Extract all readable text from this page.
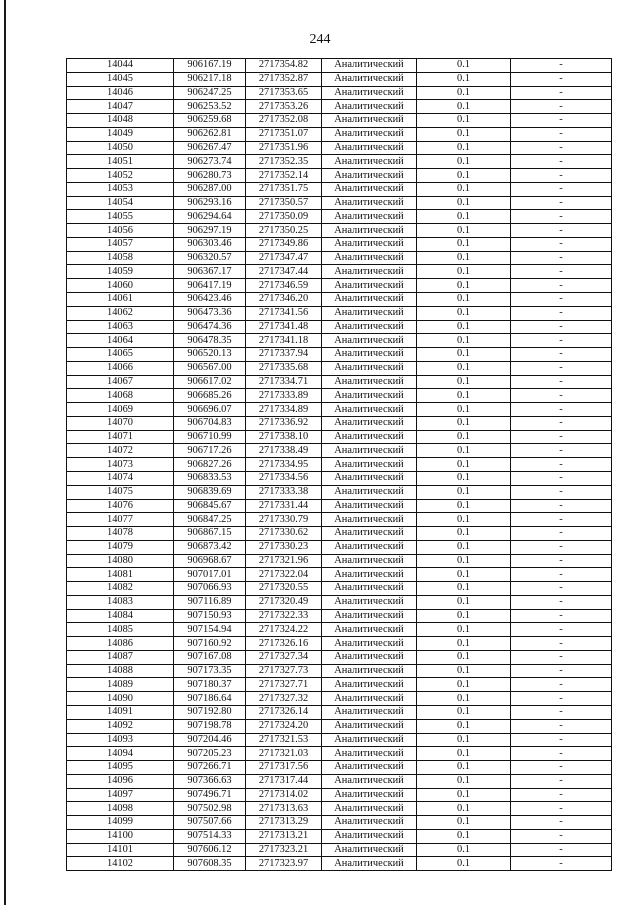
244
14044	906167.19	2717354.82	Аналитический	0.1	-
14045	906217.18	2717352.87	Аналитический	0.1	-
14046	906247.25	2717353.65	Аналитический	0.1	-
14047	906253.52	2717353.26	Аналитический	0.1	-
14048	906259.68	2717352.08	Аналитический	0.1	-
14049	906262.81	2717351.07	Аналитический	0.1	-
14050	906267.47	2717351.96	Аналитический	0.1	-
14051	906273.74	2717352.35	Аналитический	0.1	-
14052	906280.73	2717352.14	Аналитический	0.1	-
14053	906287.00	2717351.75	Аналитический	0.1	-
14054	906293.16	2717350.57	Аналитический	0.1	-
14055	906294.64	2717350.09	Аналитический	0.1	-
14056	906297.19	2717350.25	Аналитический	0.1	-
14057	906303.46	2717349.86	Аналитический	0.1	-
14058	906320.57	2717347.47	Аналитический	0.1	-
14059	906367.17	2717347.44	Аналитический	0.1	-
14060	906417.19	2717346.59	Аналитический	0.1	-
14061	906423.46	2717346.20	Аналитический	0.1	-
14062	906473.36	2717341.56	Аналитический	0.1	-
14063	906474.36	2717341.48	Аналитический	0.1	-
14064	906478.35	2717341.18	Аналитический	0.1	-
14065	906520.13	2717337.94	Аналитический	0.1	-
14066	906567.00	2717335.68	Аналитический	0.1	-
14067	906617.02	2717334.71	Аналитический	0.1	-
14068	906685.26	2717333.89	Аналитический	0.1	-
14069	906696.07	2717334.89	Аналитический	0.1	-
14070	906704.83	2717336.92	Аналитический	0.1	-
14071	906710.99	2717338.10	Аналитический	0.1	-
14072	906717.26	2717338.49	Аналитический	0.1	-
14073	906827.26	2717334.95	Аналитический	0.1	-
14074	906833.53	2717334.56	Аналитический	0.1	-
14075	906839.69	2717333.38	Аналитический	0.1	-
14076	906845.67	2717331.44	Аналитический	0.1	-
14077	906847.25	2717330.79	Аналитический	0.1	-
14078	906867.15	2717330.62	Аналитический	0.1	-
14079	906873.42	2717330.23	Аналитический	0.1	-
14080	906968.67	2717321.96	Аналитический	0.1	-
14081	907017.01	2717322.04	Аналитический	0.1	-
14082	907066.93	2717320.55	Аналитический	0.1	-
14083	907116.89	2717320.49	Аналитический	0.1	-
14084	907150.93	2717322.33	Аналитический	0.1	-
14085	907154.94	2717324.22	Аналитический	0.1	-
14086	907160.92	2717326.16	Аналитический	0.1	-
14087	907167.08	2717327.34	Аналитический	0.1	-
14088	907173.35	2717327.73	Аналитический	0.1	-
14089	907180.37	2717327.71	Аналитический	0.1	-
14090	907186.64	2717327.32	Аналитический	0.1	-
14091	907192.80	2717326.14	Аналитический	0.1	-
14092	907198.78	2717324.20	Аналитический	0.1	-
14093	907204.46	2717321.53	Аналитический	0.1	-
14094	907205.23	2717321.03	Аналитический	0.1	-
14095	907266.71	2717317.56	Аналитический	0.1	-
14096	907366.63	2717317.44	Аналитический	0.1	-
14097	907496.71	2717314.02	Аналитический	0.1	-
14098	907502.98	2717313.63	Аналитический	0.1	-
14099	907507.66	2717313.29	Аналитический	0.1	-
14100	907514.33	2717313.21	Аналитический	0.1	-
14101	907606.12	2717323.21	Аналитический	0.1	-
14102	907608.35	2717323.97	Аналитический	0.1	-
